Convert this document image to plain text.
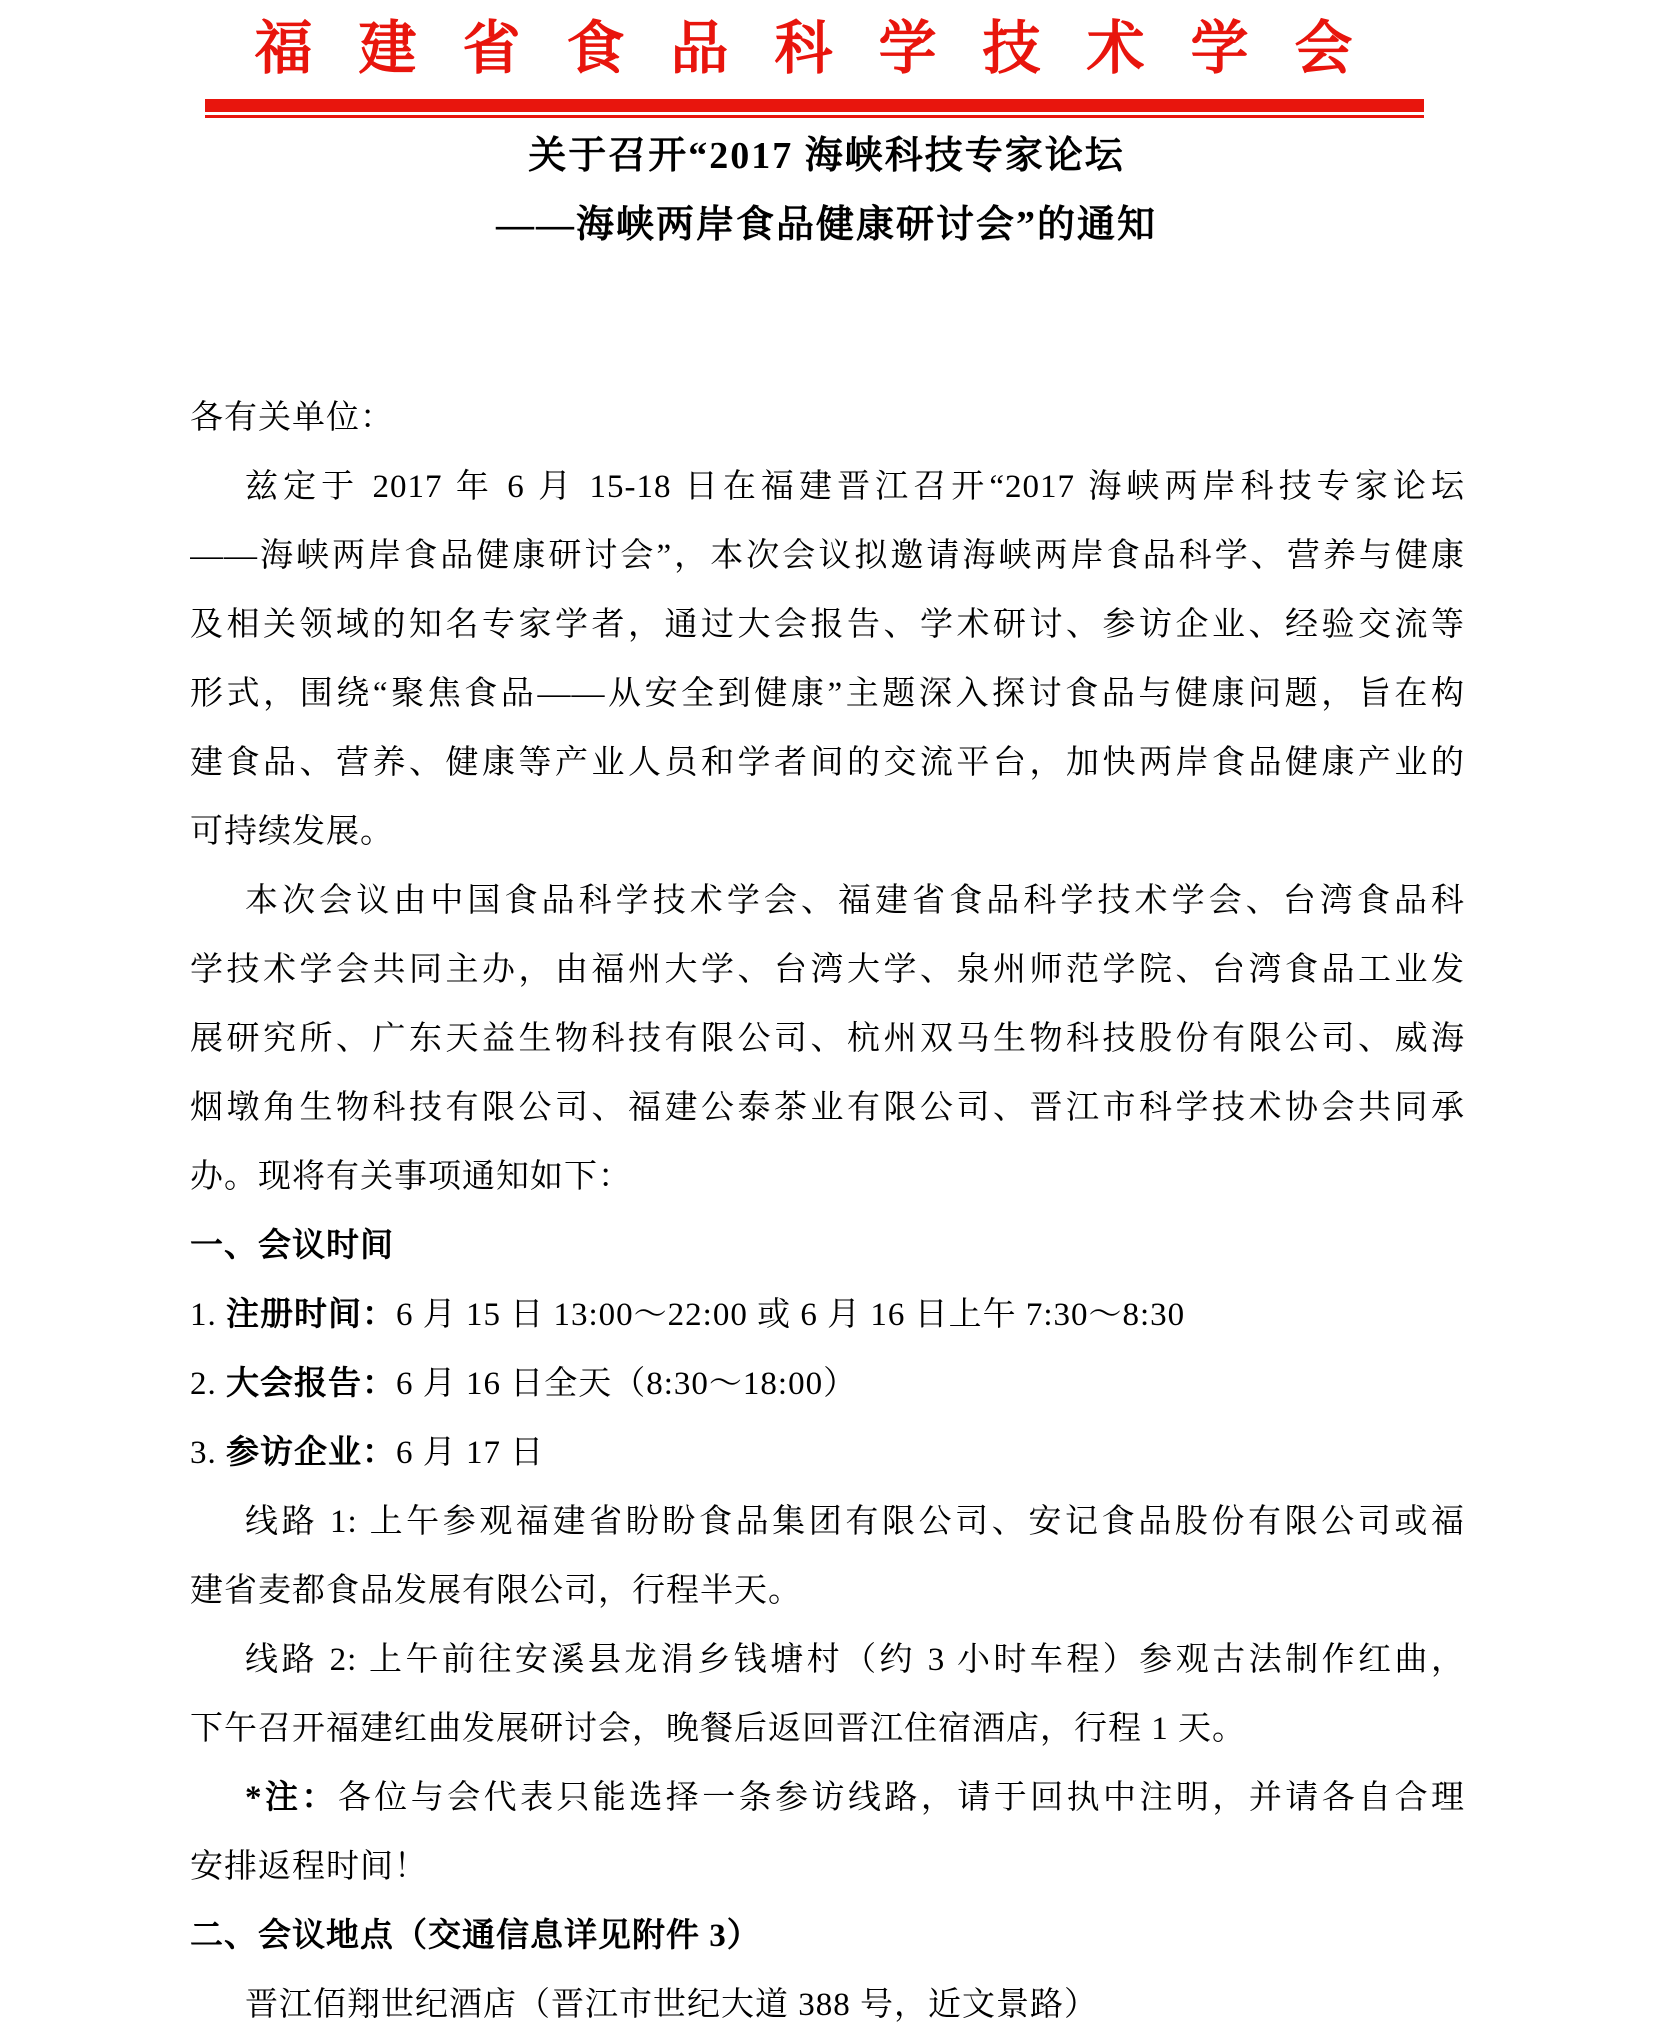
福建省食品科学技术学会
关于召开“2017 海峡科技专家论坛
——海峡两岸食品健康研讨会”的通知
各有关单位：
兹定于 2017 年 6 月 15-18 日在福建晋江召开“2017 海峡两岸科技专家论坛
——海峡两岸食品健康研讨会”，本次会议拟邀请海峡两岸食品科学、营养与健康
及相关领域的知名专家学者，通过大会报告、学术研讨、参访企业、经验交流等
形式，围绕“聚焦食品——从安全到健康”主题深入探讨食品与健康问题，旨在构
建食品、营养、健康等产业人员和学者间的交流平台，加快两岸食品健康产业的
可持续发展。
本次会议由中国食品科学技术学会、福建省食品科学技术学会、台湾食品科
学技术学会共同主办，由福州大学、台湾大学、泉州师范学院、台湾食品工业发
展研究所、广东天益生物科技有限公司、杭州双马生物科技股份有限公司、威海
烟墩角生物科技有限公司、福建公泰茶业有限公司、晋江市科学技术协会共同承
办。现将有关事项通知如下：
一、会议时间
1. 注册时间：6 月 15 日 13:00～22:00 或 6 月 16 日上午 7:30～8:30
2. 大会报告：6 月 16 日全天（8:30～18:00）
3. 参访企业：6 月 17 日
线路 1: 上午参观福建省盼盼食品集团有限公司、安记食品股份有限公司或福
建省麦都食品发展有限公司，行程半天。
线路 2: 上午前往安溪县龙涓乡钱塘村（约 3 小时车程）参观古法制作红曲，
下午召开福建红曲发展研讨会，晚餐后返回晋江住宿酒店，行程 1 天。
*注：各位与会代表只能选择一条参访线路，请于回执中注明，并请各自合理
安排返程时间！
二、会议地点（交通信息详见附件 3）
晋江佰翔世纪酒店（晋江市世纪大道 388 号，近文景路）
